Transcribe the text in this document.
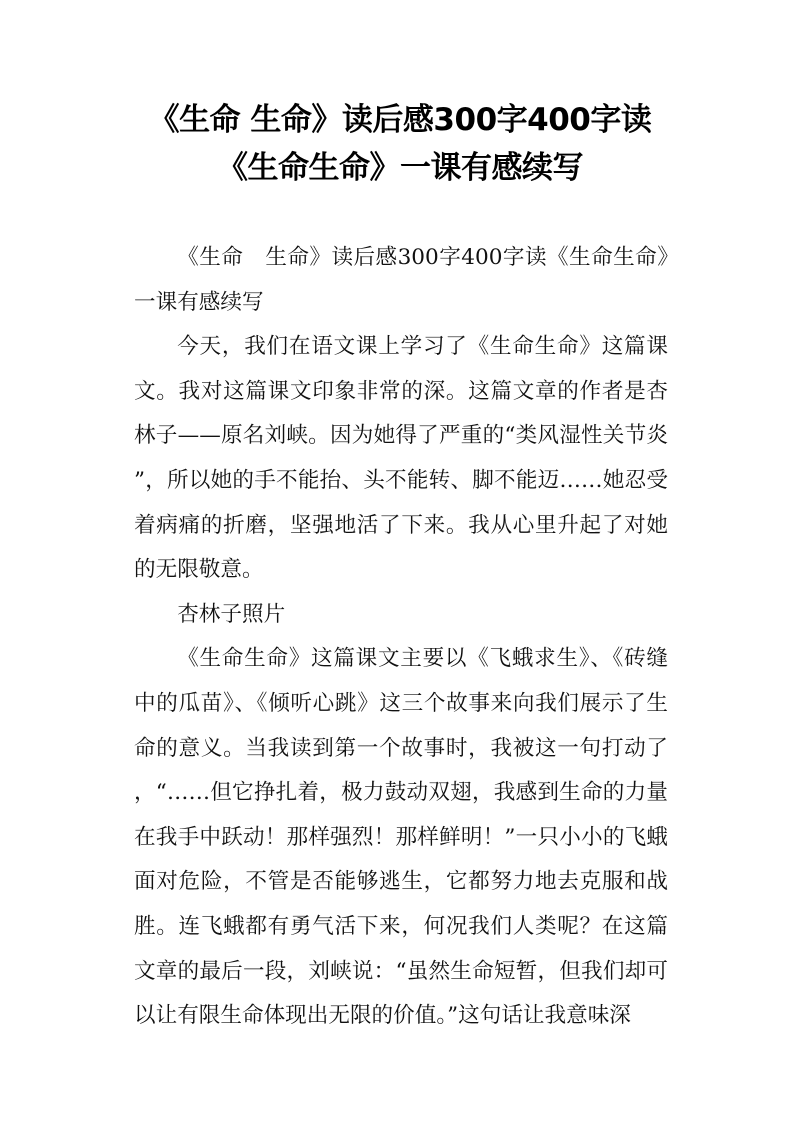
《生命 生命》读后感300字400字读
《生命生命》一课有感续写

《生命　生命》读后感300字400字读《生命生命》一课有感续写

今天，我们在语文课上学习了《生命生命》这篇课文。我对这篇课文印象非常的深。这篇文章的作者是杏林子——原名刘峡。因为她得了严重的“类风湿性关节炎”，所以她的手不能抬、头不能转、脚不能迈……她忍受着病痛的折磨，坚强地活了下来。我从心里升起了对她的无限敬意。

杏林子照片

《生命生命》这篇课文主要以《飞蛾求生》、《砖缝中的瓜苗》、《倾听心跳》这三个故事来向我们展示了生命的意义。当我读到第一个故事时，我被这一句打动了，“……但它挣扎着，极力鼓动双翅，我感到生命的力量在我手中跃动！那样强烈！那样鲜明！”一只小小的飞蛾面对危险，不管是否能够逃生，它都努力地去克服和战胜。连飞蛾都有勇气活下来，何况我们人类呢？在这篇文章的最后一段，刘峡说：“虽然生命短暂，但我们却可以让有限生命体现出无限的价值。”这句话让我意味深
